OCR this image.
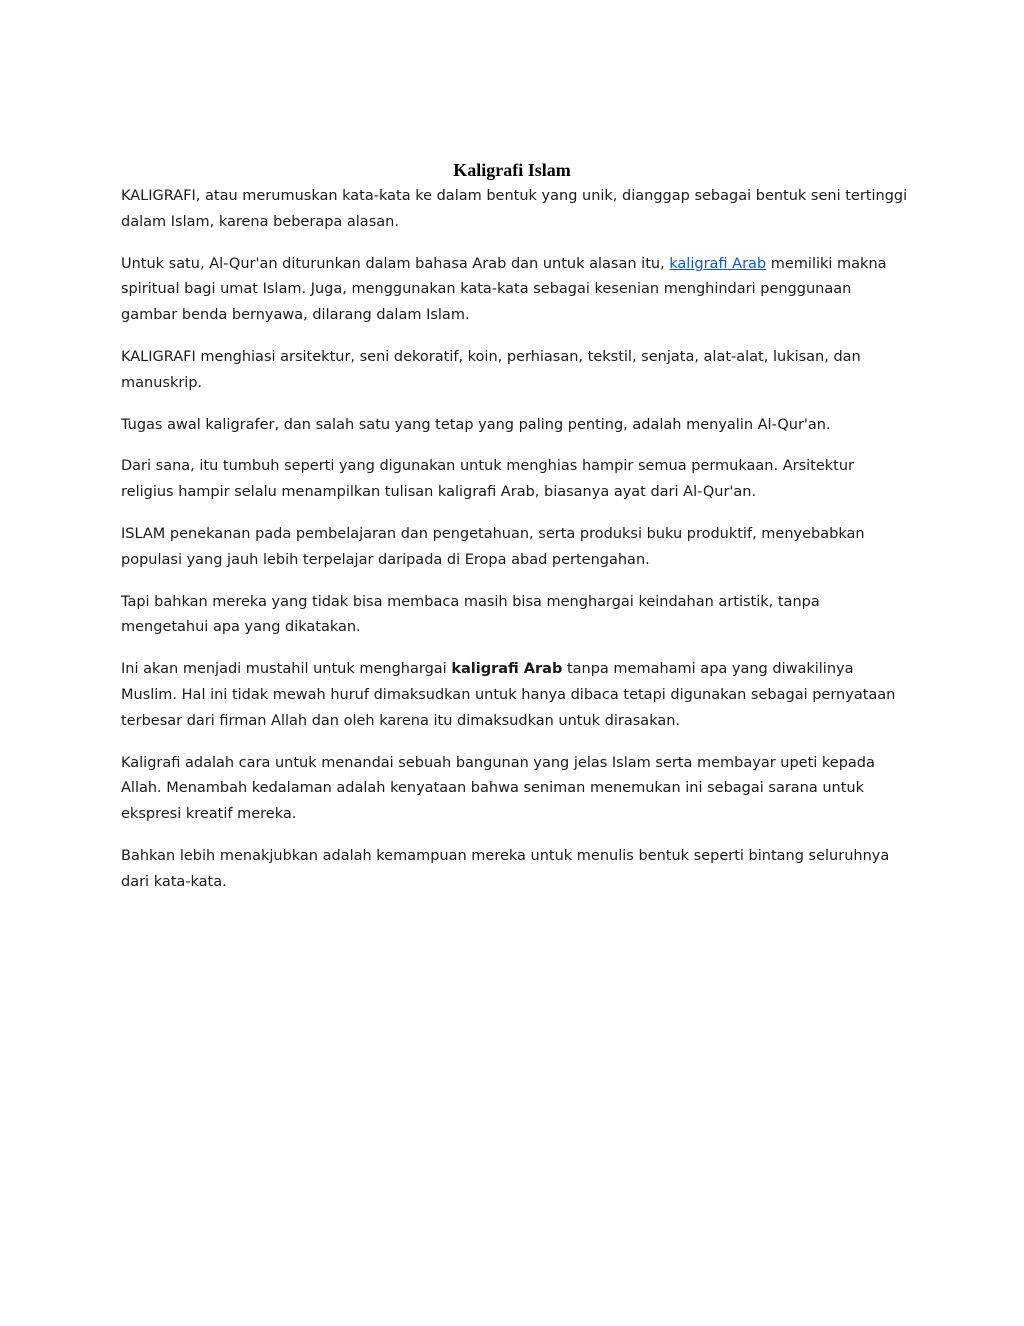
Kaligrafi Islam

KALIGRAFI, atau merumuskan kata-kata ke dalam bentuk yang unik, dianggap sebagai bentuk seni tertinggi dalam Islam, karena beberapa alasan.

Untuk satu, Al-Qur'an diturunkan dalam bahasa Arab dan untuk alasan itu, kaligrafi Arab memiliki makna spiritual bagi umat Islam. Juga, menggunakan kata-kata sebagai kesenian menghindari penggunaan gambar benda bernyawa, dilarang dalam Islam.

KALIGRAFI menghiasi arsitektur, seni dekoratif, koin, perhiasan, tekstil, senjata, alat-alat, lukisan, dan manuskrip.

Tugas awal kaligrafer, dan salah satu yang tetap yang paling penting, adalah menyalin Al-Qur'an.

Dari sana, itu tumbuh seperti yang digunakan untuk menghias hampir semua permukaan. Arsitektur religius hampir selalu menampilkan tulisan kaligrafi Arab, biasanya ayat dari Al-Qur'an.

ISLAM penekanan pada pembelajaran dan pengetahuan, serta produksi buku produktif, menyebabkan populasi yang jauh lebih terpelajar daripada di Eropa abad pertengahan.

Tapi bahkan mereka yang tidak bisa membaca masih bisa menghargai keindahan artistik, tanpa mengetahui apa yang dikatakan.

Ini akan menjadi mustahil untuk menghargai kaligrafi Arab tanpa memahami apa yang diwakilinya Muslim. Hal ini tidak mewah huruf dimaksudkan untuk hanya dibaca tetapi digunakan sebagai pernyataan terbesar dari firman Allah dan oleh karena itu dimaksudkan untuk dirasakan.

Kaligrafi adalah cara untuk menandai sebuah bangunan yang jelas Islam serta membayar upeti kepada Allah. Menambah kedalaman adalah kenyataan bahwa seniman menemukan ini sebagai sarana untuk ekspresi kreatif mereka.

Bahkan lebih menakjubkan adalah kemampuan mereka untuk menulis bentuk seperti bintang seluruhnya dari kata-kata.
